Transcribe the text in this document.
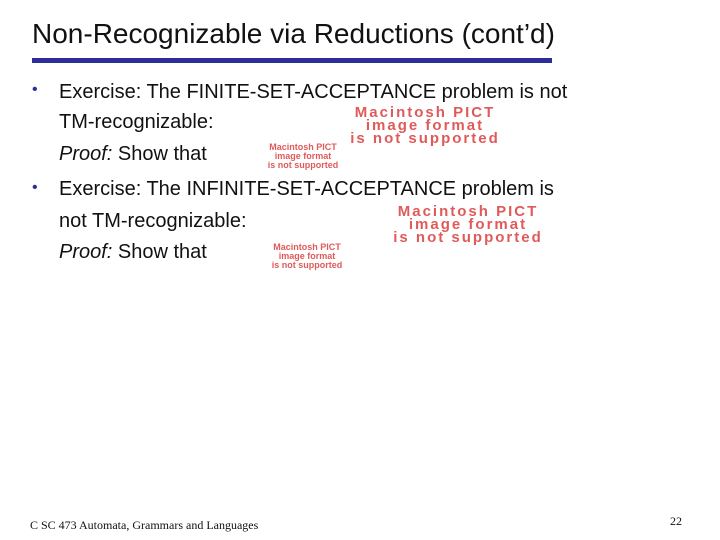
Non-Recognizable via Reductions (cont’d)
• Exercise: The FINITE-SET-ACCEPTANCE problem is not
TM-recognizable:	Macintosh PICT
image format
is not supported
Proof: Show that	Macintosh PICT
image format
is not supported
• Exercise: The INFINITE-SET-ACCEPTANCE problem is
not TM-recognizable:	Macintosh PICT
image format
is not supported
Proof: Show that	Macintosh PICT
image format
is not supported
C SC 473 Automata, Grammars and Languages	22
